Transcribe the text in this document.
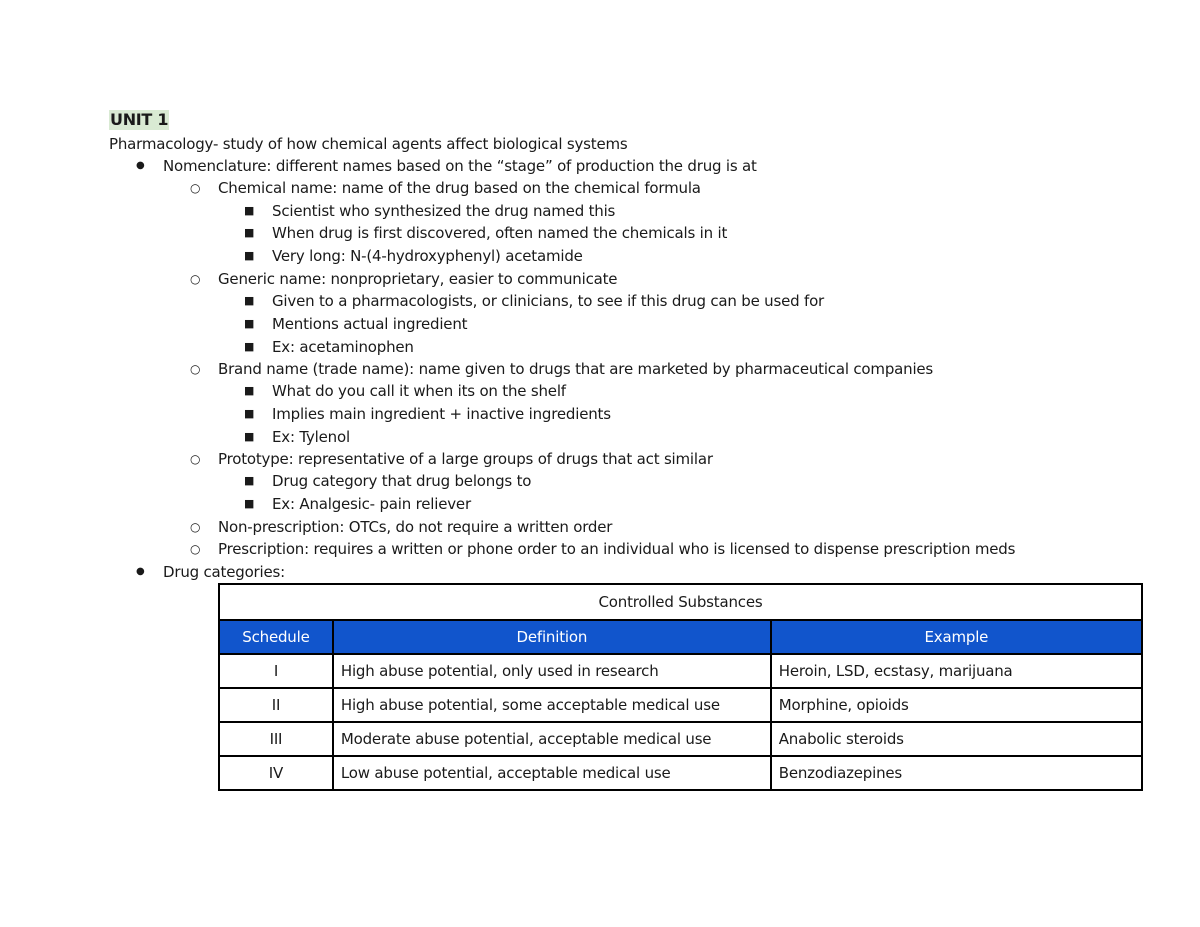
UNIT 1
Pharmacology- study of how chemical agents affect biological systems
● Nomenclature: different names based on the “stage” of production the drug is at
○ Chemical name: name of the drug based on the chemical formula
■ Scientist who synthesized the drug named this
■ When drug is first discovered, often named the chemicals in it
■ Very long: N-(4-hydroxyphenyl) acetamide
○ Generic name: nonproprietary, easier to communicate
■ Given to a pharmacologists, or clinicians, to see if this drug can be used for
■ Mentions actual ingredient
■ Ex: acetaminophen
○ Brand name (trade name): name given to drugs that are marketed by pharmaceutical companies
■ What do you call it when its on the shelf
■ Implies main ingredient + inactive ingredients
■ Ex: Tylenol
○ Prototype: representative of a large groups of drugs that act similar
■ Drug category that drug belongs to
■ Ex: Analgesic- pain reliever
○ Non-prescription: OTCs, do not require a written order
○ Prescription: requires a written or phone order to an individual who is licensed to dispense prescription meds
● Drug categories:
Controlled Substances		
Schedule	Definition	Example
I	High abuse potential, only used in research	Heroin, LSD, ecstasy, marijuana
II	High abuse potential, some acceptable medical use	Morphine, opioids
III	Moderate abuse potential, acceptable medical use	Anabolic steroids
IV	Low abuse potential, acceptable medical use	Benzodiazepines
